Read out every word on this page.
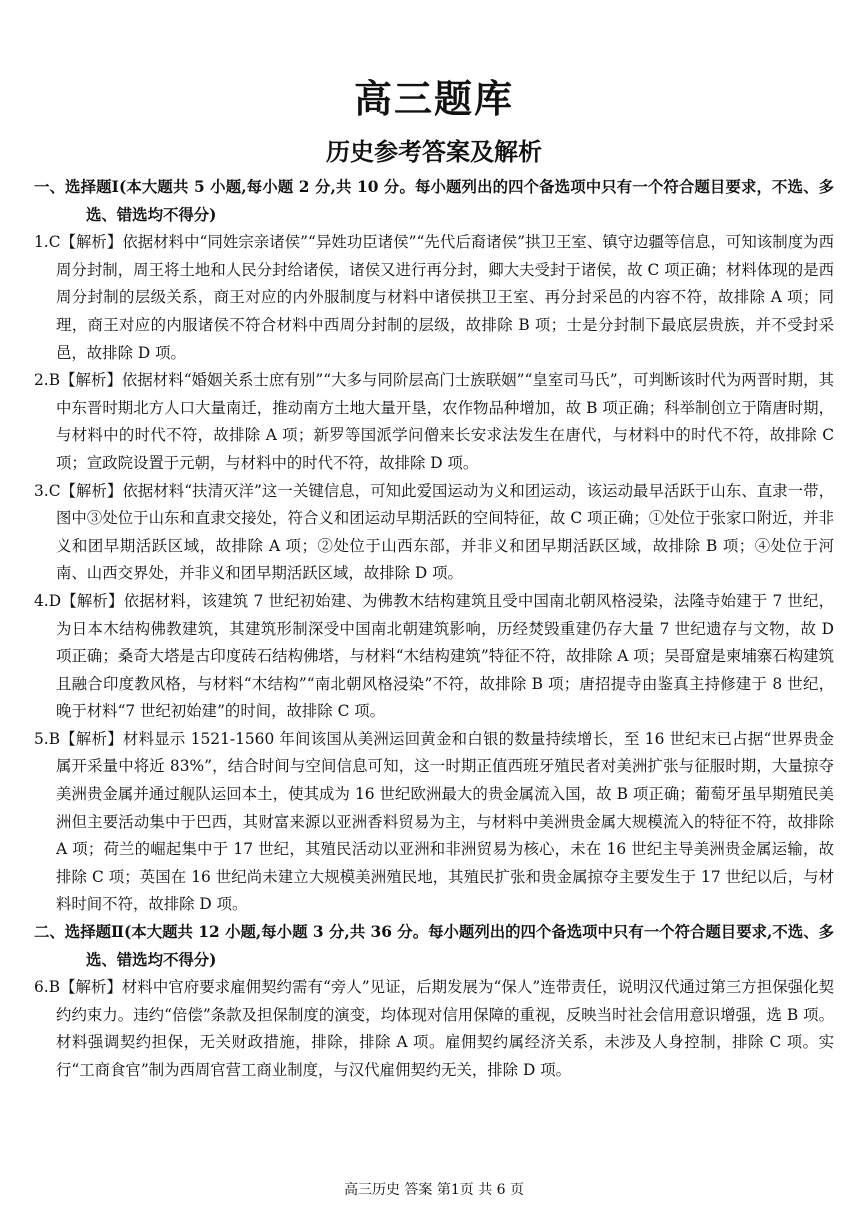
高三题库
历史参考答案及解析

一、选择题Ⅰ(本大题共 5 小题,每小题 2 分,共 10 分。每小题列出的四个备选项中只有一个符合题目要求，不选、多选、错选均不得分)

1.C【解析】依据材料中“同姓宗亲诸侯”“异姓功臣诸侯”“先代后裔诸侯”拱卫王室、镇守边疆等信息，可知该制度为西周分封制，周王将土地和人民分封给诸侯，诸侯又进行再分封，卿大夫受封于诸侯，故 C 项正确；材料体现的是西周分封制的层级关系，商王对应的内外服制度与材料中诸侯拱卫王室、再分封采邑的内容不符，故排除 A 项；同理，商王对应的内服诸侯不符合材料中西周分封制的层级，故排除 B 项；士是分封制下最底层贵族，并不受封采邑，故排除 D 项。

2.B【解析】依据材料“婚姻关系士庶有别”“大多与同阶层高门士族联姻”“皇室司马氏”，可判断该时代为两晋时期，其中东晋时期北方人口大量南迁，推动南方土地大量开垦，农作物品种增加，故 B 项正确；科举制创立于隋唐时期，与材料中的时代不符，故排除 A 项；新罗等国派学问僧来长安求法发生在唐代，与材料中的时代不符，故排除 C 项；宣政院设置于元朝，与材料中的时代不符，故排除 D 项。

3.C【解析】依据材料“扶清灭洋”这一关键信息，可知此爱国运动为义和团运动，该运动最早活跃于山东、直隶一带，图中③处位于山东和直隶交接处，符合义和团运动早期活跃的空间特征，故 C 项正确；①处位于张家口附近，并非义和团早期活跃区域，故排除 A 项；②处位于山西东部，并非义和团早期活跃区域，故排除 B 项；④处位于河南、山西交界处，并非义和团早期活跃区域，故排除 D 项。

4.D【解析】依据材料，该建筑 7 世纪初始建、为佛教木结构建筑且受中国南北朝风格浸染，法隆寺始建于 7 世纪，为日本木结构佛教建筑，其建筑形制深受中国南北朝建筑影响，历经焚毁重建仍存大量 7 世纪遗存与文物，故 D 项正确；桑奇大塔是古印度砖石结构佛塔，与材料“木结构建筑”特征不符，故排除 A 项；吴哥窟是柬埔寨石构建筑且融合印度教风格，与材料“木结构”“南北朝风格浸染”不符，故排除 B 项；唐招提寺由鉴真主持修建于 8 世纪，晚于材料“7 世纪初始建”的时间，故排除 C 项。

5.B【解析】材料显示 1521-1560 年间该国从美洲运回黄金和白银的数量持续增长，至 16 世纪末已占据“世界贵金属开采量中将近 83%”，结合时间与空间信息可知，这一时期正值西班牙殖民者对美洲扩张与征服时期，大量掠夺美洲贵金属并通过舰队运回本土，使其成为 16 世纪欧洲最大的贵金属流入国，故 B 项正确；葡萄牙虽早期殖民美洲但主要活动集中于巴西，其财富来源以亚洲香料贸易为主，与材料中美洲贵金属大规模流入的特征不符，故排除 A 项；荷兰的崛起集中于 17 世纪，其殖民活动以亚洲和非洲贸易为核心，未在 16 世纪主导美洲贵金属运输，故排除 C 项；英国在 16 世纪尚未建立大规模美洲殖民地，其殖民扩张和贵金属掠夺主要发生于 17 世纪以后，与材料时间不符，故排除 D 项。

二、选择题Ⅱ(本大题共 12 小题,每小题 3 分,共 36 分。每小题列出的四个备选项中只有一个符合题目要求,不选、多选、错选均不得分)

6.B【解析】材料中官府要求雇佣契约需有“旁人”见证，后期发展为“保人”连带责任，说明汉代通过第三方担保强化契约约束力。违约“倍偿”条款及担保制度的演变，均体现对信用保障的重视，反映当时社会信用意识增强，选 B 项。材料强调契约担保，无关财政措施，排除，排除 A 项。雇佣契约属经济关系，未涉及人身控制，排除 C 项。实行“工商食官”制为西周官营工商业制度，与汉代雇佣契约无关，排除 D 项。

高三历史 答案 第1页 共 6 页
